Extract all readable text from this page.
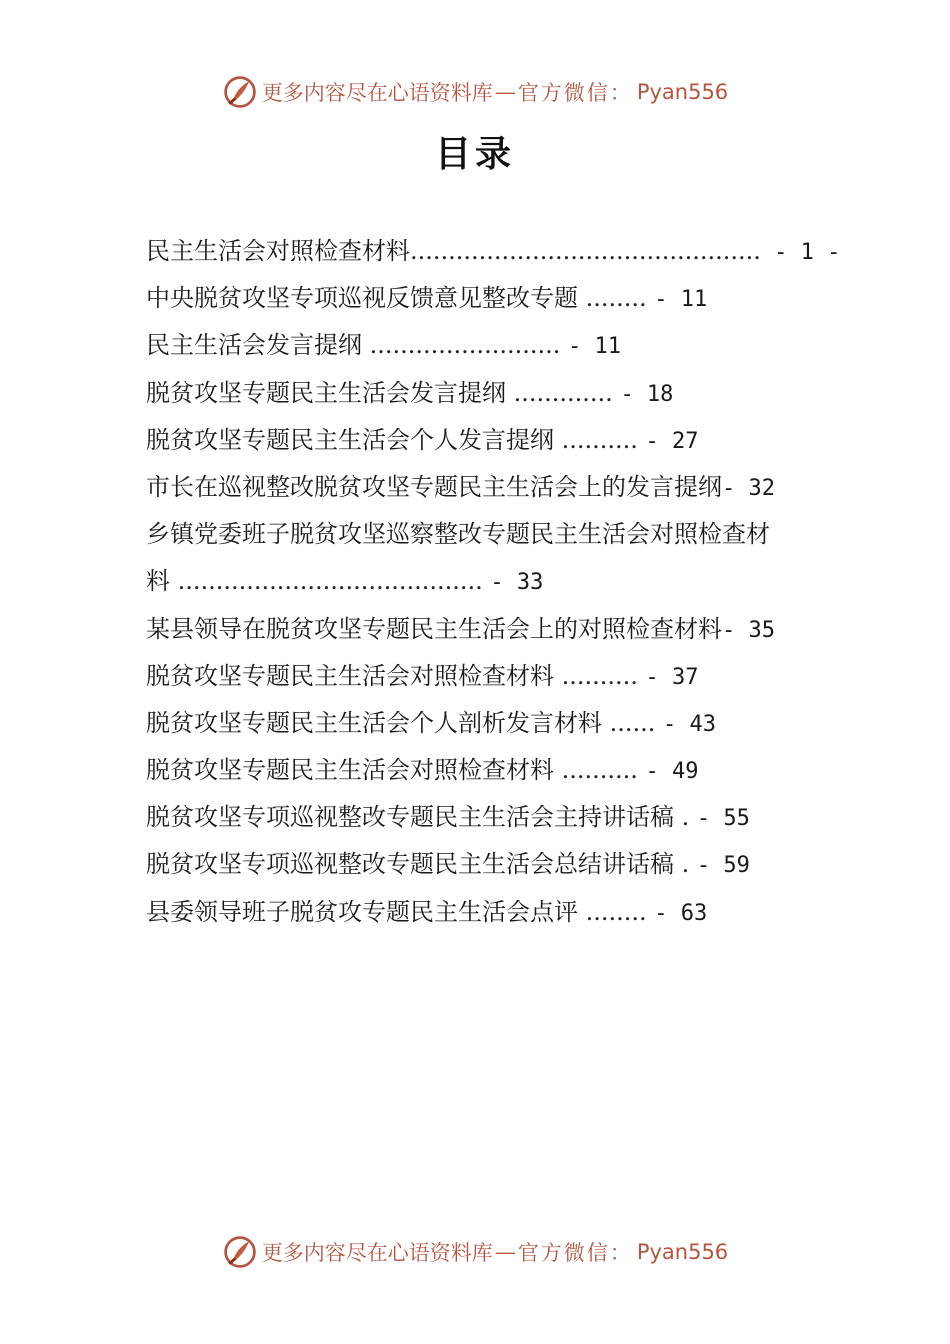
更多内容尽在心语资料库 — 官方微信： Pyan556
目录
民主生活会对照检查材料.............................................. - 1 -
中央脱贫攻坚专项巡视反馈意见整改专题 ........ - 11
民主生活会发言提纲 ......................... - 11
脱贫攻坚专题民主生活会发言提纲 ............. - 18
脱贫攻坚专题民主生活会个人发言提纲 .......... - 27
市长在巡视整改脱贫攻坚专题民主生活会上的发言提纲- 32
乡镇党委班子脱贫攻坚巡察整改专题民主生活会对照检查材
料 ........................................ - 33
某县领导在脱贫攻坚专题民主生活会上的对照检查材料- 35
脱贫攻坚专题民主生活会对照检查材料 .......... - 37
脱贫攻坚专题民主生活会个人剖析发言材料 ...... - 43
脱贫攻坚专题民主生活会对照检查材料 .......... - 49
脱贫攻坚专项巡视整改专题民主生活会主持讲话稿 . - 55
脱贫攻坚专项巡视整改专题民主生活会总结讲话稿 . - 59
县委领导班子脱贫攻专题民主生活会点评 ........ - 63
更多内容尽在心语资料库 — 官方微信： Pyan556
